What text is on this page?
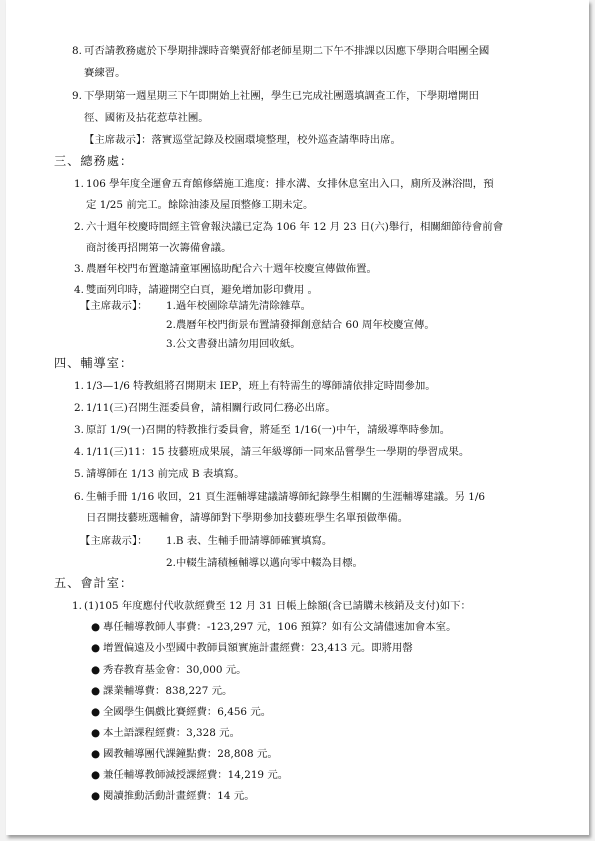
8. 可否請教務處於下學期排課時音樂賣舒郁老師星期二下午不排課以因應下學期合唱團全國
賽練習。
9. 下學期第一週星期三下午即開始上社團，學生已完成社團選填調查工作，下學期增開田
徑、國術及拈花惹草社團。
【主席裁示】：落實巡堂記錄及校園環境整理，校外巡查請準時出席。
三、總務處：
1. 106 學年度全運會五育館修繕施工進度：排水溝、女排休息室出入口，廁所及淋浴間，預
定 1/25 前完工。餘除油漆及屋頂整修工期未定。
2. 六十週年校慶時間經主管會報決議已定為 106 年 12 月 23 日(六)舉行，相關細節待會前會
商討後再招開第一次籌備會議。
3. 農曆年校門布置邀請童軍團協助配合六十週年校慶宣傳做佈置。
4. 雙面列印時，請避開空白頁，避免增加影印費用 。
【主席裁示】： 1.過年校園除草請先清除雜草。
2.農曆年校門街景布置請發揮創意結合 60 周年校慶宣傳。
3.公文書發出請勿用回收紙。
四、輔導室：
1. 1/3—1/6 特教組將召開期末 IEP，班上有特需生的導師請依排定時間參加。
2. 1/11(三)召開生涯委員會，請相關行政同仁務必出席。
3. 原訂 1/9(一)召開的特教推行委員會，將延至 1/16(一)中午，請級導準時參加。
4. 1/11(三)11：15 技藝班成果展，請三年級導師一同來品嘗學生一學期的學習成果。
5. 請導師在 1/13 前完成 B 表填寫。
6. 生輔手冊 1/16 收回，21 頁生涯輔導建議請導師紀錄學生相關的生涯輔導建議。另 1/6
日召開技藝班選輔會，請導師對下學期參加技藝班學生名單預做準備。
【主席裁示】： 1.B 表、生輔手冊請導師確實填寫。
2.中輟生請積極輔導以邁向零中輟為目標。
五、會計室：
1. (1)105 年度應付代收款經費至 12 月 31 日帳上餘額(含已請購未核銷及支付)如下：
● 專任輔導教師人事費：-123,297 元，106 預算？如有公文請儘速加會本室。
● 增置偏遠及小型國中教師員額實施計畫經費：23,413 元。即將用罄
● 秀春教育基金會：30,000 元。
● 課業輔導費：838,227 元。
● 全國學生偶戲比賽經費：6,456 元。
● 本土語課程經費：3,328 元。
● 國教輔導團代課鐘點費：28,808 元。
● 兼任輔導教師減授課經費：14,219 元。
● 閱讀推動活動計畫經費：14 元。
